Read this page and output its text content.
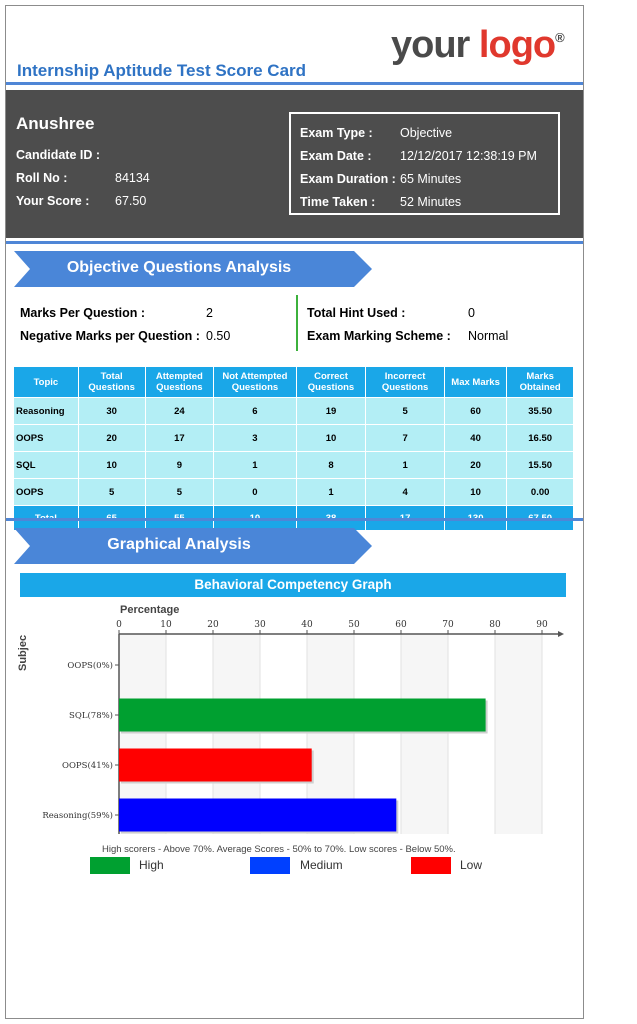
Internship Aptitude Test Score Card
your logo®
Anushree
Candidate ID :
Roll No :	84134
Your Score : 67.50
Exam Type : Objective
Exam Date : 12/12/2017 12:38:19 PM
Exam Duration : 65 Minutes
Time Taken : 52 Minutes
Objective Questions Analysis
Marks Per Question :	2
Negative Marks per Question : 0.50
Total Hint Used :	0
Exam Marking Scheme : Normal
Topic	Total Questions	Attempted Questions	Not Attempted Questions	Correct Questions	Incorrect Questions	Max Marks	Marks Obtained
Reasoning	30	24	6	19	5	60	35.50
OOPS	20	17	3	10	7	40	16.50
SQL	10	9	1	8	1	20	15.50
OOPS	5	5	0	1	4	10	0.00

Graphical Analysis
Behavioral Competency Graph
Percentage
Subjec
0	10	20	30	40	50	60	70	80	90
OOPS(0%)
SQL(78%)
OOPS(41%)
Reasoning(59%)
High scorers - Above 70%. Average Scores - 50% to 70%. Low scores - Below 50%.
High	Medium	Low
